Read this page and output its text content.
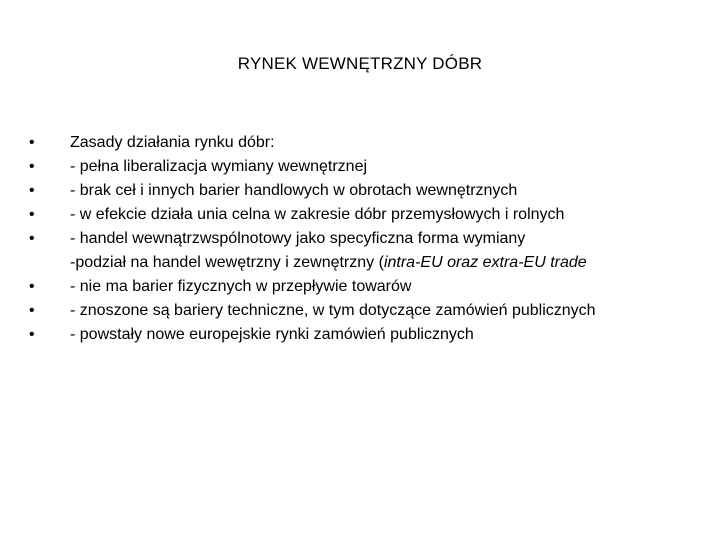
RYNEK WEWNĘTRZNY DÓBR
• Zasady działania rynku dóbr:
• - pełna liberalizacja wymiany wewnętrznej
• - brak ceł i innych barier handlowych w obrotach wewnętrznych
• - w efekcie działa unia celna w zakresie dóbr przemysłowych i rolnych
• - handel wewnątrzwspólnotowy jako specyficzna forma wymiany
-podział na handel wewętrzny i zewnętrzny (intra-EU oraz extra-EU trade
• - nie ma barier fizycznych w przepływie towarów
• - znoszone są bariery techniczne, w tym dotyczące zamówień publicznych
• - powstały nowe europejskie rynki zamówień publicznych
